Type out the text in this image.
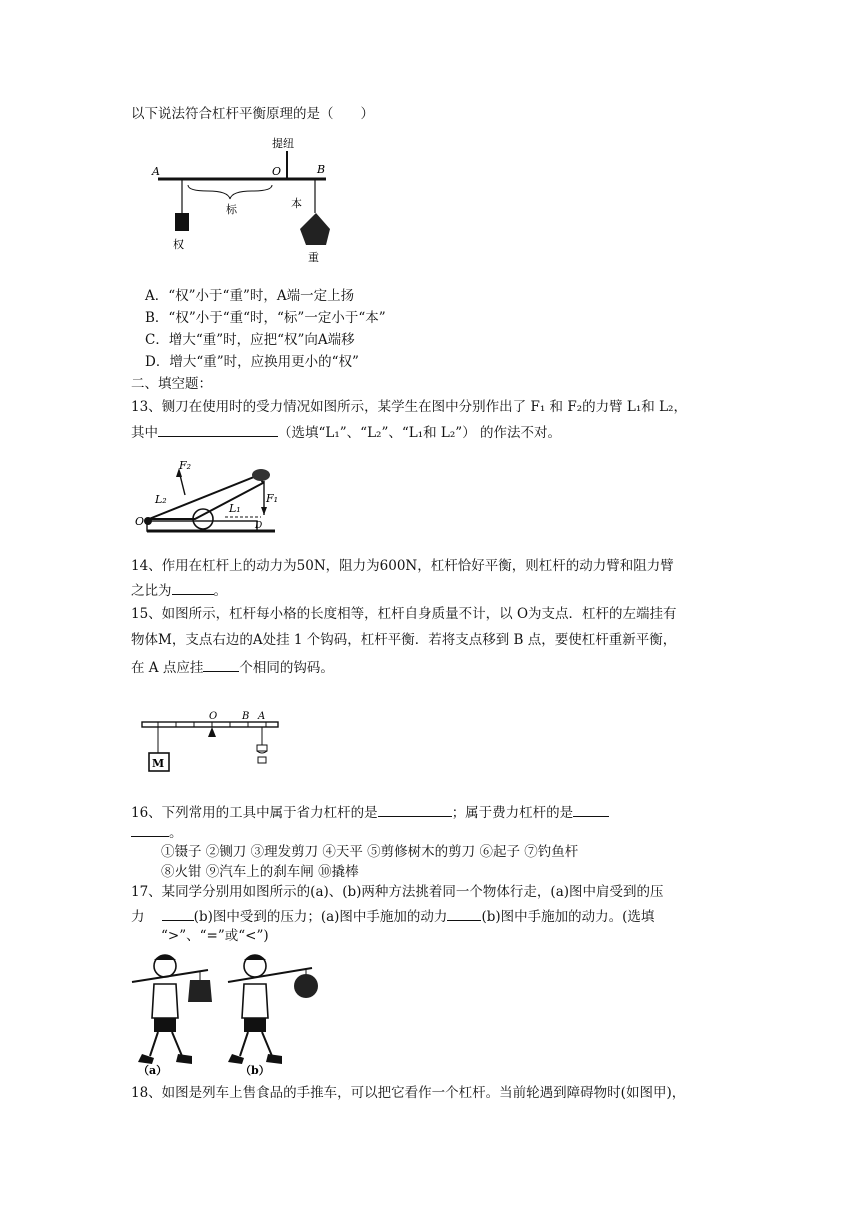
以下说法符合杠杆平衡原理的是（　　）
A
提纽
O	B
权
标	本
重
A．“权”小于“重”时，A端一定上扬
B．“权”小于“重“时，“标”一定小于“本”
C．增大“重”时，应把“权”向A端移
D．增大“重”时，应换用更小的“权”
二、填空题：
13、铡刀在使用时的受力情况如图所示，某学生在图中分别作出了 F₁ 和 F₂的力臂 L₁和 L₂，
其中	（选填“L₁”、“L₂”、“L₁和 L₂”） 的作法不对。
F₁
F₂
L₂
L₁
O	D
14、作用在杠杆上的动力为50N，阻力为600N，杠杆恰好平衡，则杠杆的动力臂和阻力臂
之比为	。
15、如图所示，杠杆每小格的长度相等，杠杆自身质量不计，以 O为支点．杠杆的左端挂有
物体M，支点右边的A处挂 1 个钩码，杠杆平衡．若将支点移到 B 点，要使杠杆重新平衡，
在 A 点应挂	个相同的钩码。
O B A
M
16、下列常用的工具中属于省力杠杆的是	；属于费力杠杆的是
。
①镊子 ②铡刀 ③理发剪刀 ④天平 ⑤剪修树木的剪刀 ⑥起子 ⑦钓鱼杆
⑧火钳 ⑨汽车上的刹车闸 ⑩撬棒
17、某同学分别用如图所示的(a)、(b)两种方法挑着同一个物体行走，(a)图中肩受到的压
力	(b)图中受到的压力；(a)图中手施加的动力	(b)图中手施加的动力。(选填
“>”、“=”或“<”)
（a）	（b）
18、如图是列车上售食品的手推车，可以把它看作一个杠杆。当前轮遇到障碍物时(如图甲)，
